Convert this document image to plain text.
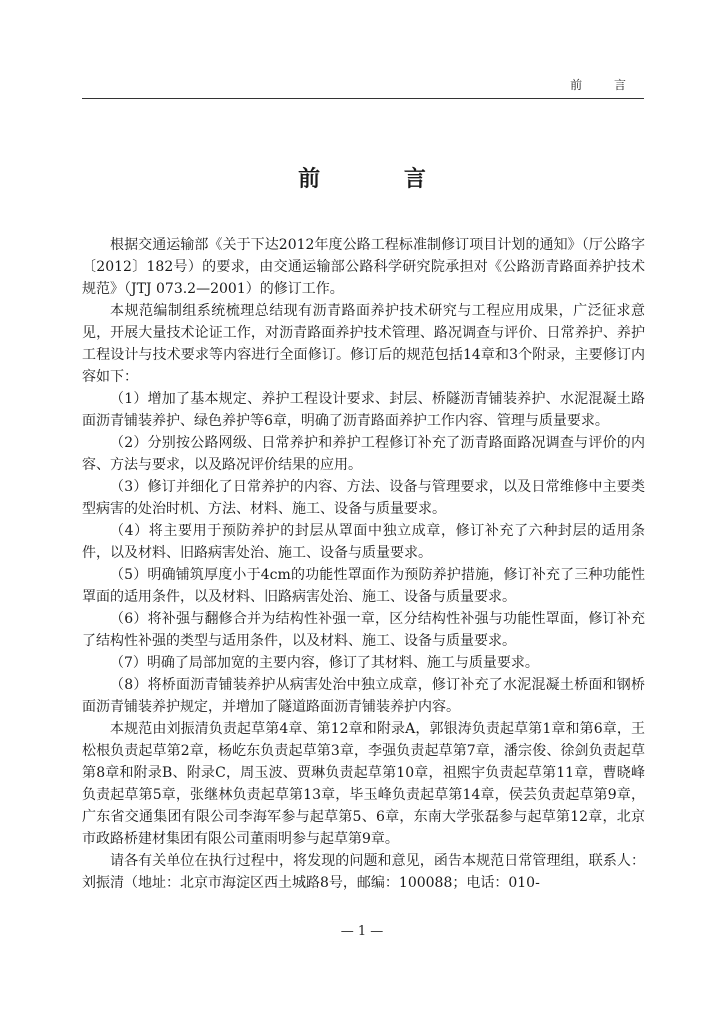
前 言
前 言

根据交通运输部《关于下达2012年度公路工程标准制修订项目计划的通知》（厅公路字〔2012〕182号）的要求，由交通运输部公路科学研究院承担对《公路沥青路面养护技术规范》（JTJ 073.2—2001）的修订工作。

本规范编制组系统梳理总结现有沥青路面养护技术研究与工程应用成果，广泛征求意见，开展大量技术论证工作，对沥青路面养护技术管理、路况调查与评价、日常养护、养护工程设计与技术要求等内容进行全面修订。修订后的规范包括14章和3个附录，主要修订内容如下：

（1）增加了基本规定、养护工程设计要求、封层、桥隧沥青铺装养护、水泥混凝土路面沥青铺装养护、绿色养护等6章，明确了沥青路面养护工作内容、管理与质量要求。

（2）分别按公路网级、日常养护和养护工程修订补充了沥青路面路况调查与评价的内容、方法与要求，以及路况评价结果的应用。

（3）修订并细化了日常养护的内容、方法、设备与管理要求，以及日常维修中主要类型病害的处治时机、方法、材料、施工、设备与质量要求。

（4）将主要用于预防养护的封层从罩面中独立成章，修订补充了六种封层的适用条件，以及材料、旧路病害处治、施工、设备与质量要求。

（5）明确铺筑厚度小于4cm的功能性罩面作为预防养护措施，修订补充了三种功能性罩面的适用条件，以及材料、旧路病害处治、施工、设备与质量要求。

（6）将补强与翻修合并为结构性补强一章，区分结构性补强与功能性罩面，修订补充了结构性补强的类型与适用条件，以及材料、施工、设备与质量要求。

（7）明确了局部加宽的主要内容，修订了其材料、施工与质量要求。

（8）将桥面沥青铺装养护从病害处治中独立成章，修订补充了水泥混凝土桥面和钢桥面沥青铺装养护规定，并增加了隧道路面沥青铺装养护内容。

本规范由刘振清负责起草第4章、第12章和附录A，郭银涛负责起草第1章和第6章，王松根负责起草第2章，杨屹东负责起草第3章，李强负责起草第7章，潘宗俊、徐剑负责起草第8章和附录B、附录C，周玉波、贾琳负责起草第10章，祖熙宇负责起草第11章，曹晓峰负责起草第5章，张继林负责起草第13章，毕玉峰负责起草第14章，侯芸负责起草第9章，广东省交通集团有限公司李海军参与起草第5、6章，东南大学张磊参与起草第12章，北京市政路桥建材集团有限公司董雨明参与起草第9章。

请各有关单位在执行过程中，将发现的问题和意见，函告本规范日常管理组，联系人：刘振清（地址：北京市海淀区西土城路8号，邮编：100088；电话：010-

— 1 —
